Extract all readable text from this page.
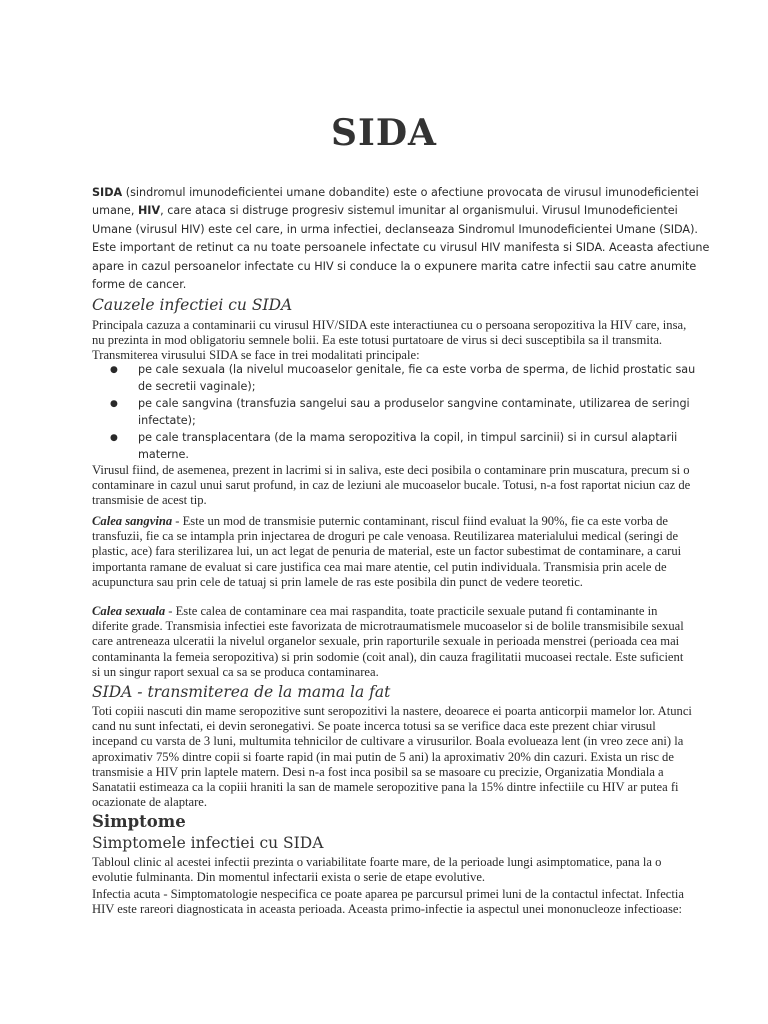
SIDA

SIDA (sindromul imunodeficientei umane dobandite) este o afectiune provocata de virusul imunodeficientei umane, HIV, care ataca si distruge progresiv sistemul imunitar al organismului. Virusul Imunodeficientei Umane (virusul HIV) este cel care, in urma infectiei, declanseaza Sindromul Imunodeficientei Umane (SIDA). Este important de retinut ca nu toate persoanele infectate cu virusul HIV manifesta si SIDA. Aceasta afectiune apare in cazul persoanelor infectate cu HIV si conduce la o expunere marita catre infectii sau catre anumite forme de cancer.

Cauzele infectiei cu SIDA

Principala cazuza a contaminarii cu virusul HIV/SIDA este interactiunea cu o persoana seropozitiva la HIV care, insa, nu prezinta in mod obligatoriu semnele bolii. Ea este totusi purtatoare de virus si deci susceptibila sa il transmita. Transmiterea virusului SIDA se face in trei modalitati principale:

● pe cale sexuala (la nivelul mucoaselor genitale, fie ca este vorba de sperma, de lichid prostatic sau de secretii vaginale);
● pe cale sangvina (transfuzia sangelui sau a produselor sangvine contaminate, utilizarea de seringi infectate);
● pe cale transplacentara (de la mama seropozitiva la copil, in timpul sarcinii) si in cursul alaptarii materne.

Virusul fiind, de asemenea, prezent in lacrimi si in saliva, este deci posibila o contaminare prin muscatura, precum si o contaminare in cazul unui sarut profund, in caz de leziuni ale mucoaselor bucale. Totusi, n-a fost raportat niciun caz de transmisie de acest tip.

Calea sangvina - Este un mod de transmisie puternic contaminant, riscul fiind evaluat la 90%, fie ca este vorba de transfuzii, fie ca se intampla prin injectarea de droguri pe cale venoasa. Reutilizarea materialului medical (seringi de plastic, ace) fara sterilizarea lui, un act legat de penuria de material, este un factor subestimat de contaminare, a carui importanta ramane de evaluat si care justifica cea mai mare atentie, cel putin individuala. Transmisia prin acele de acupunctura sau prin cele de tatuaj si prin lamele de ras este posibila din punct de vedere teoretic.

Calea sexuala - Este calea de contaminare cea mai raspandita, toate practicile sexuale putand fi contaminante in diferite grade. Transmisia infectiei este favorizata de microtraumatismele mucoaselor si de bolile transmisibile sexual care antreneaza ulceratii la nivelul organelor sexuale, prin raporturile sexuale in perioada menstrei (perioada cea mai contaminanta la femeia seropozitiva) si prin sodomie (coit anal), din cauza fragilitatii mucoasei rectale. Este suficient si un singur raport sexual ca sa se produca contaminarea.

SIDA - transmiterea de la mama la fat

Toti copiii nascuti din mame seropozitive sunt seropozitivi la nastere, deoarece ei poarta anticorpii mamelor lor. Atunci cand nu sunt infectati, ei devin seronegativi. Se poate incerca totusi sa se verifice daca este prezent chiar virusul incepand cu varsta de 3 luni, multumita tehnicilor de cultivare a virusurilor. Boala evolueaza lent (in vreo zece ani) la aproximativ 75% dintre copii si foarte rapid (in mai putin de 5 ani) la aproximativ 20% din cazuri. Exista un risc de transmisie a HIV prin laptele matern. Desi n-a fost inca posibil sa se masoare cu precizie, Organizatia Mondiala a Sanatatii estimeaza ca la copiii hraniti la san de mamele seropozitive pana la 15% dintre infectiile cu HIV ar putea fi ocazionate de alaptare.

Simptome
Simptomele infectiei cu SIDA

Tabloul clinic al acestei infectii prezinta o variabilitate foarte mare, de la perioade lungi asimptomatice, pana la o evolutie fulminanta. Din momentul infectarii exista o serie de etape evolutive.

Infectia acuta - Simptomatologie nespecifica ce poate aparea pe parcursul primei luni de la contactul infectat. Infectia HIV este rareori diagnosticata in aceasta perioada. Aceasta primo-infectie ia aspectul unei mononucleoze infectioase:
